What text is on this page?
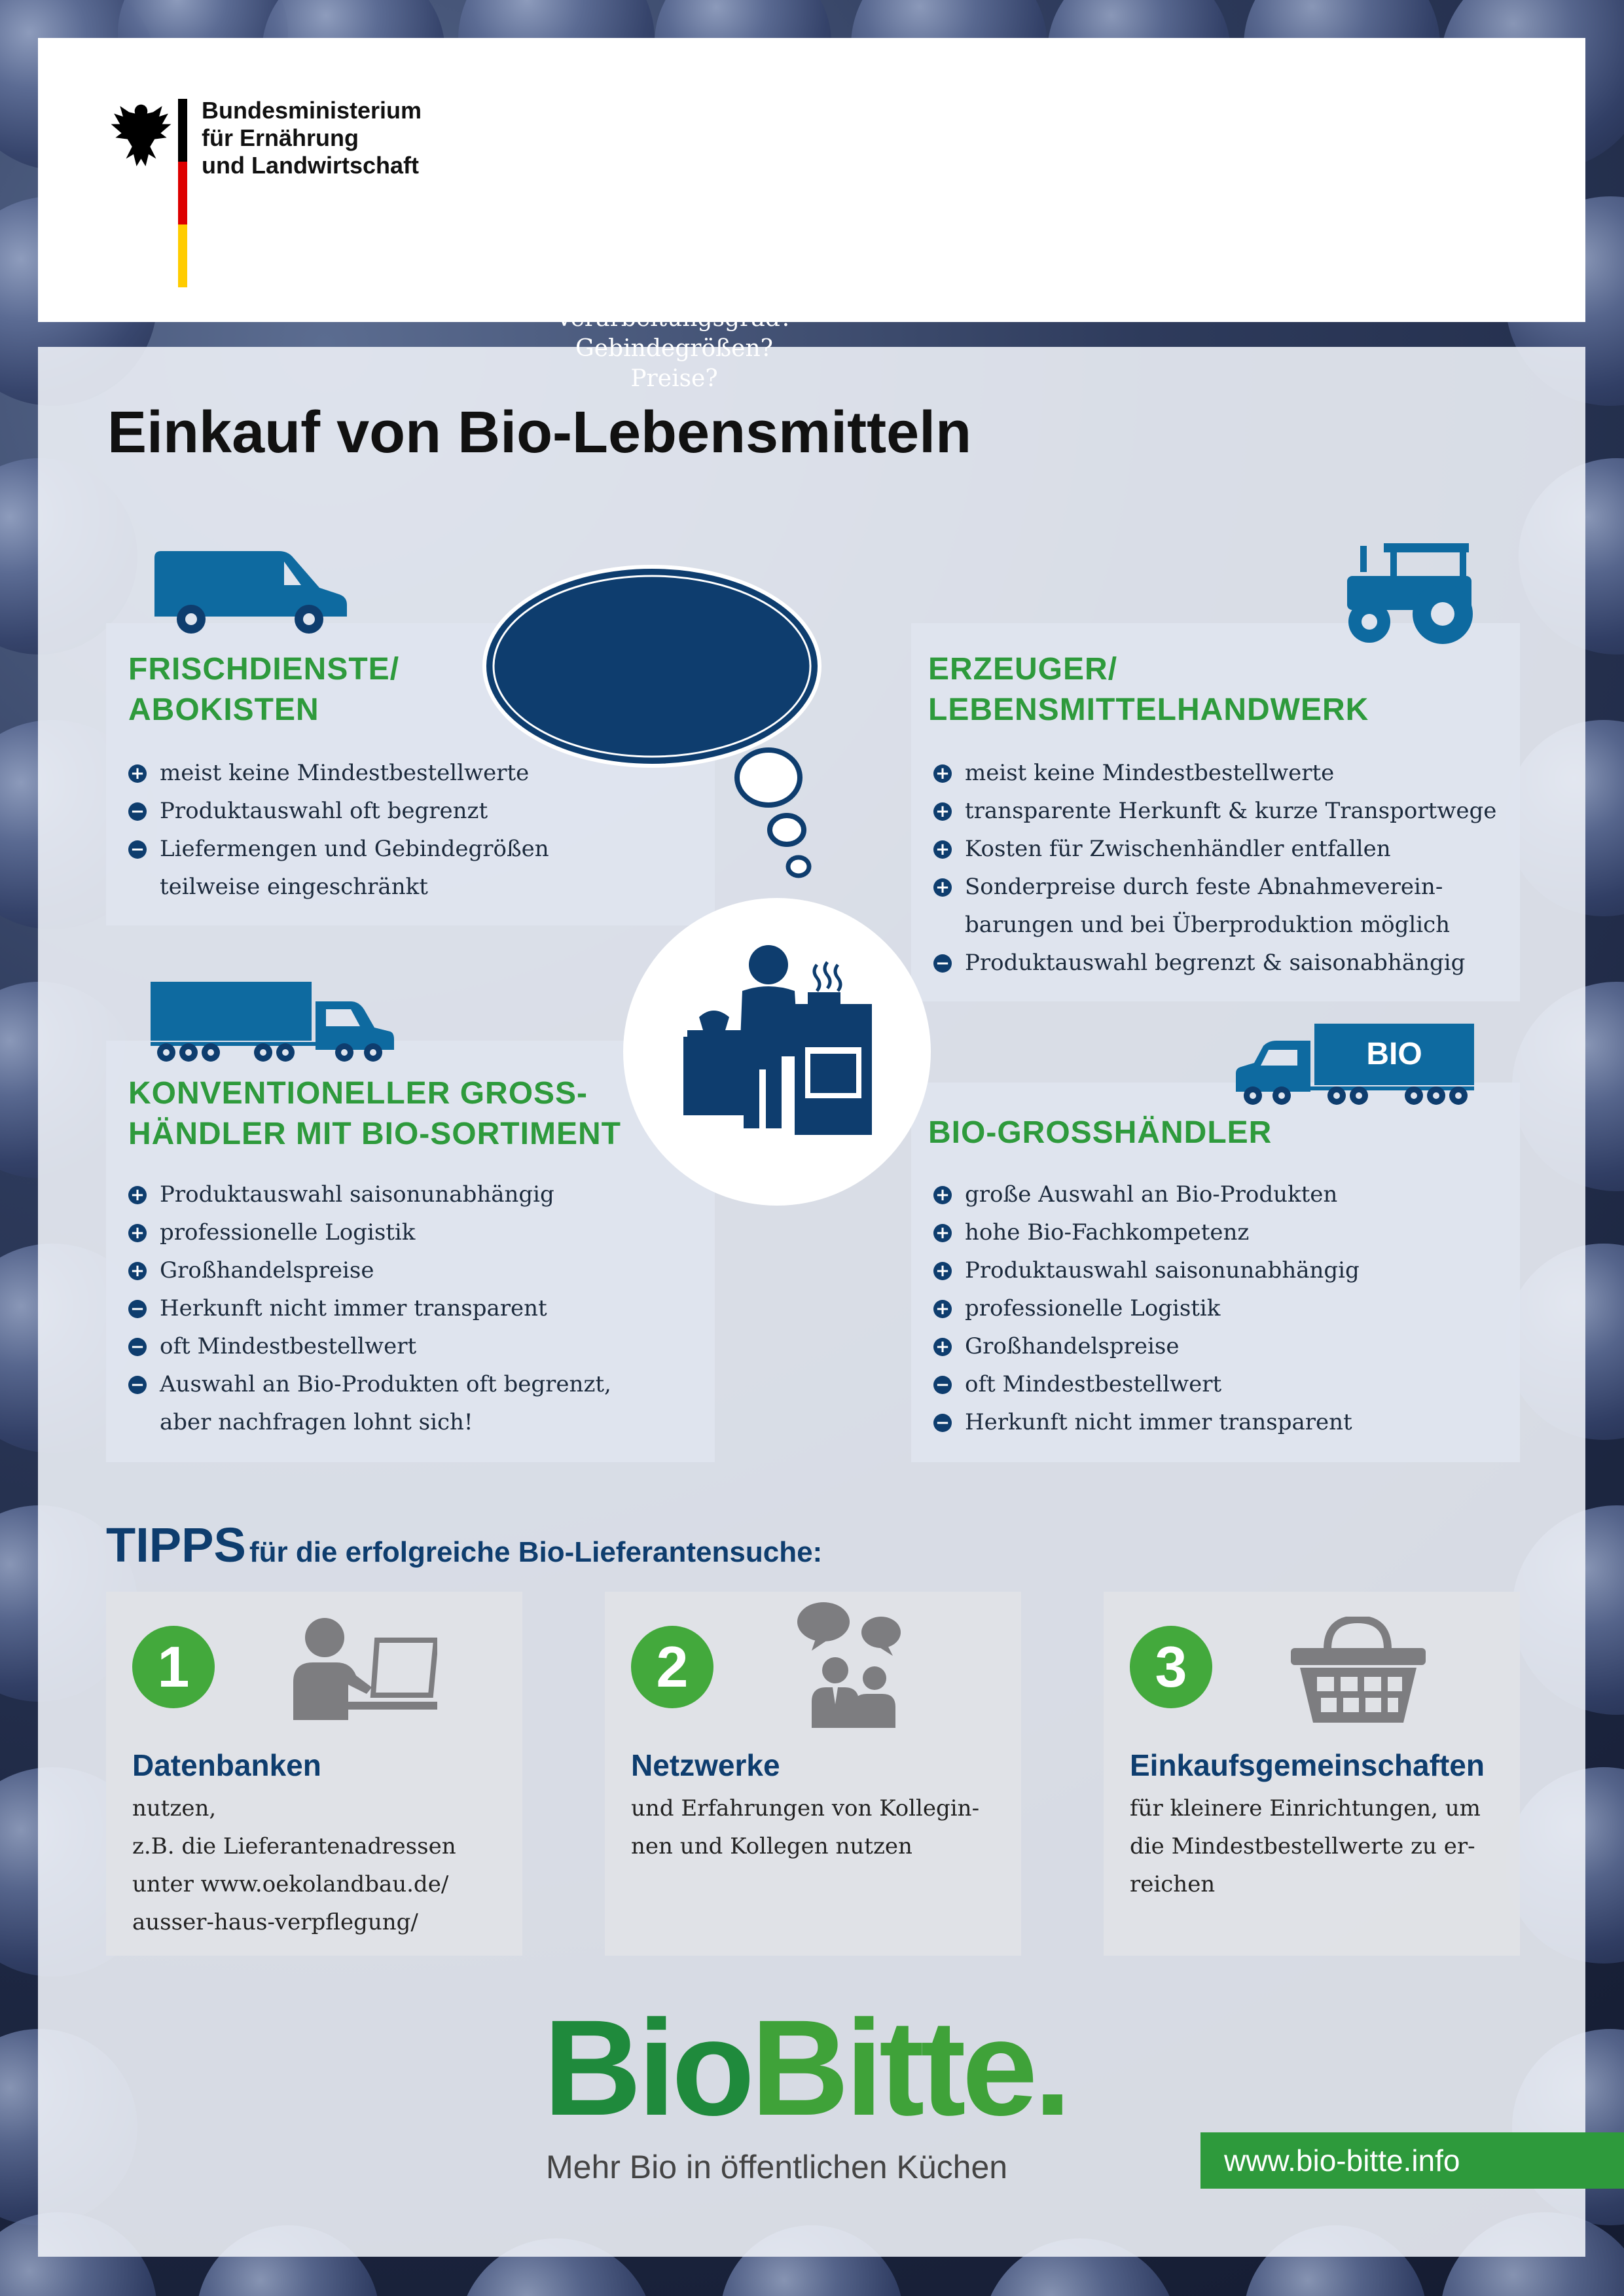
Bundesministerium
für Ernährung
und Landwirtschaft
Einkauf von Bio-Lebensmitteln
FRISCHDIENSTE/
ABOKISTEN
+ meist keine Mindestbestellwerte
− Produktauswahl oft begrenzt
− Liefermengen und Gebindegrößen
teilweise eingeschränkt
ERZEUGER/
LEBENSMITTELHANDWERK
+ meist keine Mindestbestellwerte
+ transparente Herkunft & kurze Transportwege
+ Kosten für Zwischenhändler entfallen
+ Sonderpreise durch feste Abnahmeverein-
barungen und bei Überproduktion möglich
− Produktauswahl begrenzt & saisonabhängig
KONVENTIONELLER GROSS-
HÄNDLER MIT BIO-SORTIMENT
+ Produktauswahl saisonunabhängig
+ professionelle Logistik
+ Großhandelspreise
− Herkunft nicht immer transparent
− oft Mindestbestellwert
− Auswahl an Bio-Produkten oft begrenzt,
aber nachfragen lohnt sich!
BIO-GROSSHÄNDLER
+ große Auswahl an Bio-Produkten
+ hohe Bio-Fachkompetenz
+ Produktauswahl saisonunabhängig
+ professionelle Logistik
+ Großhandelspreise
− oft Mindestbestellwert
− Herkunft nicht immer transparent
BIO
Lieferrhythmus?
Liefermengen?
Verarbeitungsgrad?
Gebindegrößen?
Preise?
TIPPS für die erfolgreiche Bio-Lieferantensuche:
1
Datenbanken
nutzen,
z.B. die Lieferantenadressen
unter www.oekolandbau.de/
ausser-haus-verpflegung/
2
Netzwerke
und Erfahrungen von Kollegin-
nen und Kollegen nutzen
3
Einkaufsgemeinschaften
für kleinere Einrichtungen, um
die Mindestbestellwerte zu er-
reichen
BioBitte.
Mehr Bio in öffentlichen Küchen	www.bio-bitte.info
